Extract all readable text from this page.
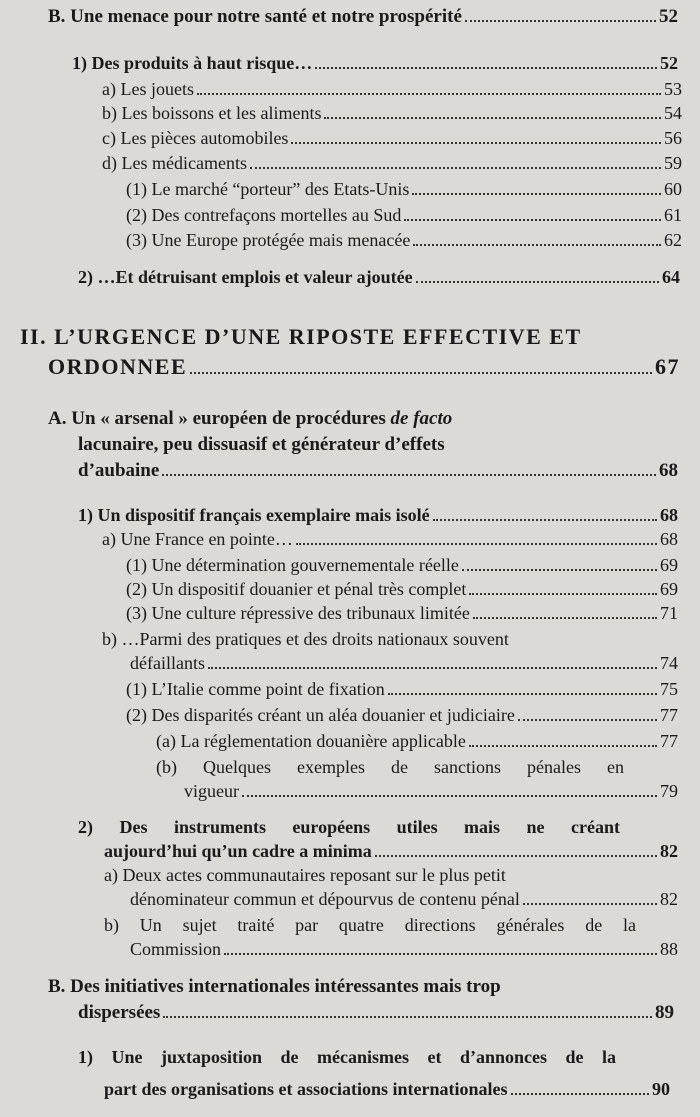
B. Une menace pour notre santé et notre prospérité	52
1) Des produits à haut risque…	52
a) Les jouets	53
b) Les boissons et les aliments	54
c) Les pièces automobiles	56
d) Les médicaments	59
(1) Le marché “porteur” des Etats-Unis	60
(2) Des contrefaçons mortelles au Sud	61
(3) Une Europe protégée mais menacée	62
2) …Et détruisant emplois et valeur ajoutée	64
II. L’URGENCE D’UNE RIPOSTE EFFECTIVE ET
ORDONNEE	67
A. Un « arsenal » européen de procédures de facto
lacunaire, peu dissuasif et générateur d’effets
d’aubaine	68
1) Un dispositif français exemplaire mais isolé	68
a) Une France en pointe…	68
(1) Une détermination gouvernementale réelle	69
(2) Un dispositif douanier et pénal très complet	69
(3) Une culture répressive des tribunaux limitée	71
b) …Parmi des pratiques et des droits nationaux souvent
défaillants	74
(1) L’Italie comme point de fixation	75
(2) Des disparités créant un aléa douanier et judiciaire	77
(a) La réglementation douanière applicable	77
(b) Quelques exemples de sanctions pénales en
vigueur	79
2) Des instruments européens utiles mais ne créant
aujourd’hui qu’un cadre a minima	82
a) Deux actes communautaires reposant sur le plus petit
dénominateur commun et dépourvus de contenu pénal	82
b) Un sujet traité par quatre directions générales de la
Commission	88
B. Des initiatives internationales intéressantes mais trop
dispersées	89
1) Une juxtaposition de mécanismes et d’annonces de la
part des organisations et associations internationales	90
